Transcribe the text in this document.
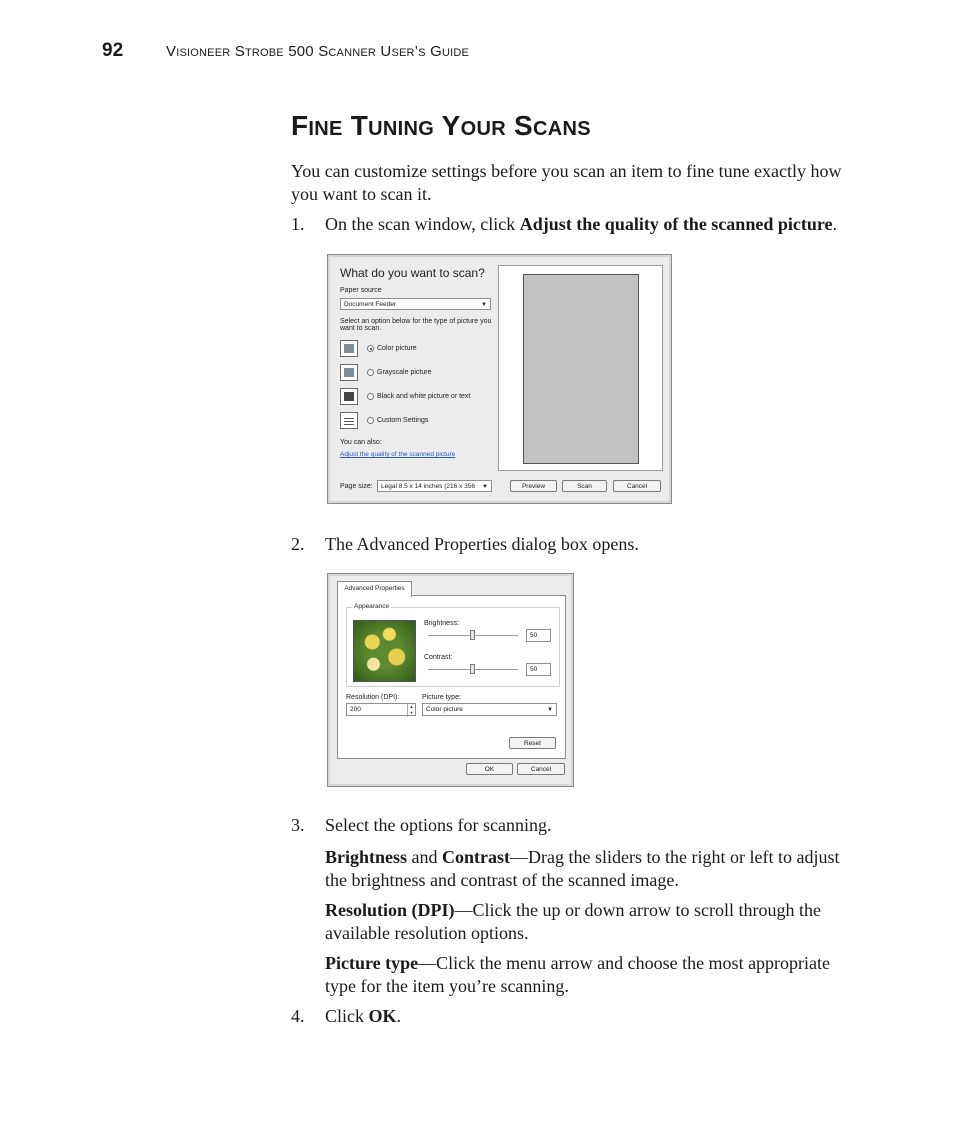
92	Visioneer Strobe 500 Scanner User’s Guide
Fine Tuning Your Scans

You can customize settings before you scan an item to fine tune exactly how you want to scan it.

1. On the scan window, click Adjust the quality of the scanned picture.
What do you want to scan?
Paper source
Document Feeder	▼
Select an option below for the type of picture you
want to scan.
Color picture
Grayscale picture
Black and white picture or text
Custom Settings
You can also:
Adjust the quality of the scanned picture
Page size:	Legal 8.5 x 14 inches (216 x 356 ▼	Preview	Scan	Cancel
2. The Advanced Properties dialog box opens.
Advanced Properties
Appearance
Brightness:
50
Contrast:
50
Resolution (DPI):
200	▲
▼
Picture type:
Color picture	▼
Reset
OK	Cancel
3. Select the options for scanning.

Brightness and Contrast—Drag the sliders to the right or left to adjust the brightness and contrast of the scanned image.

Resolution (DPI)—Click the up or down arrow to scroll through the available resolution options.

Picture type—Click the menu arrow and choose the most appropriate type for the item you’re scanning.

4. Click OK.
